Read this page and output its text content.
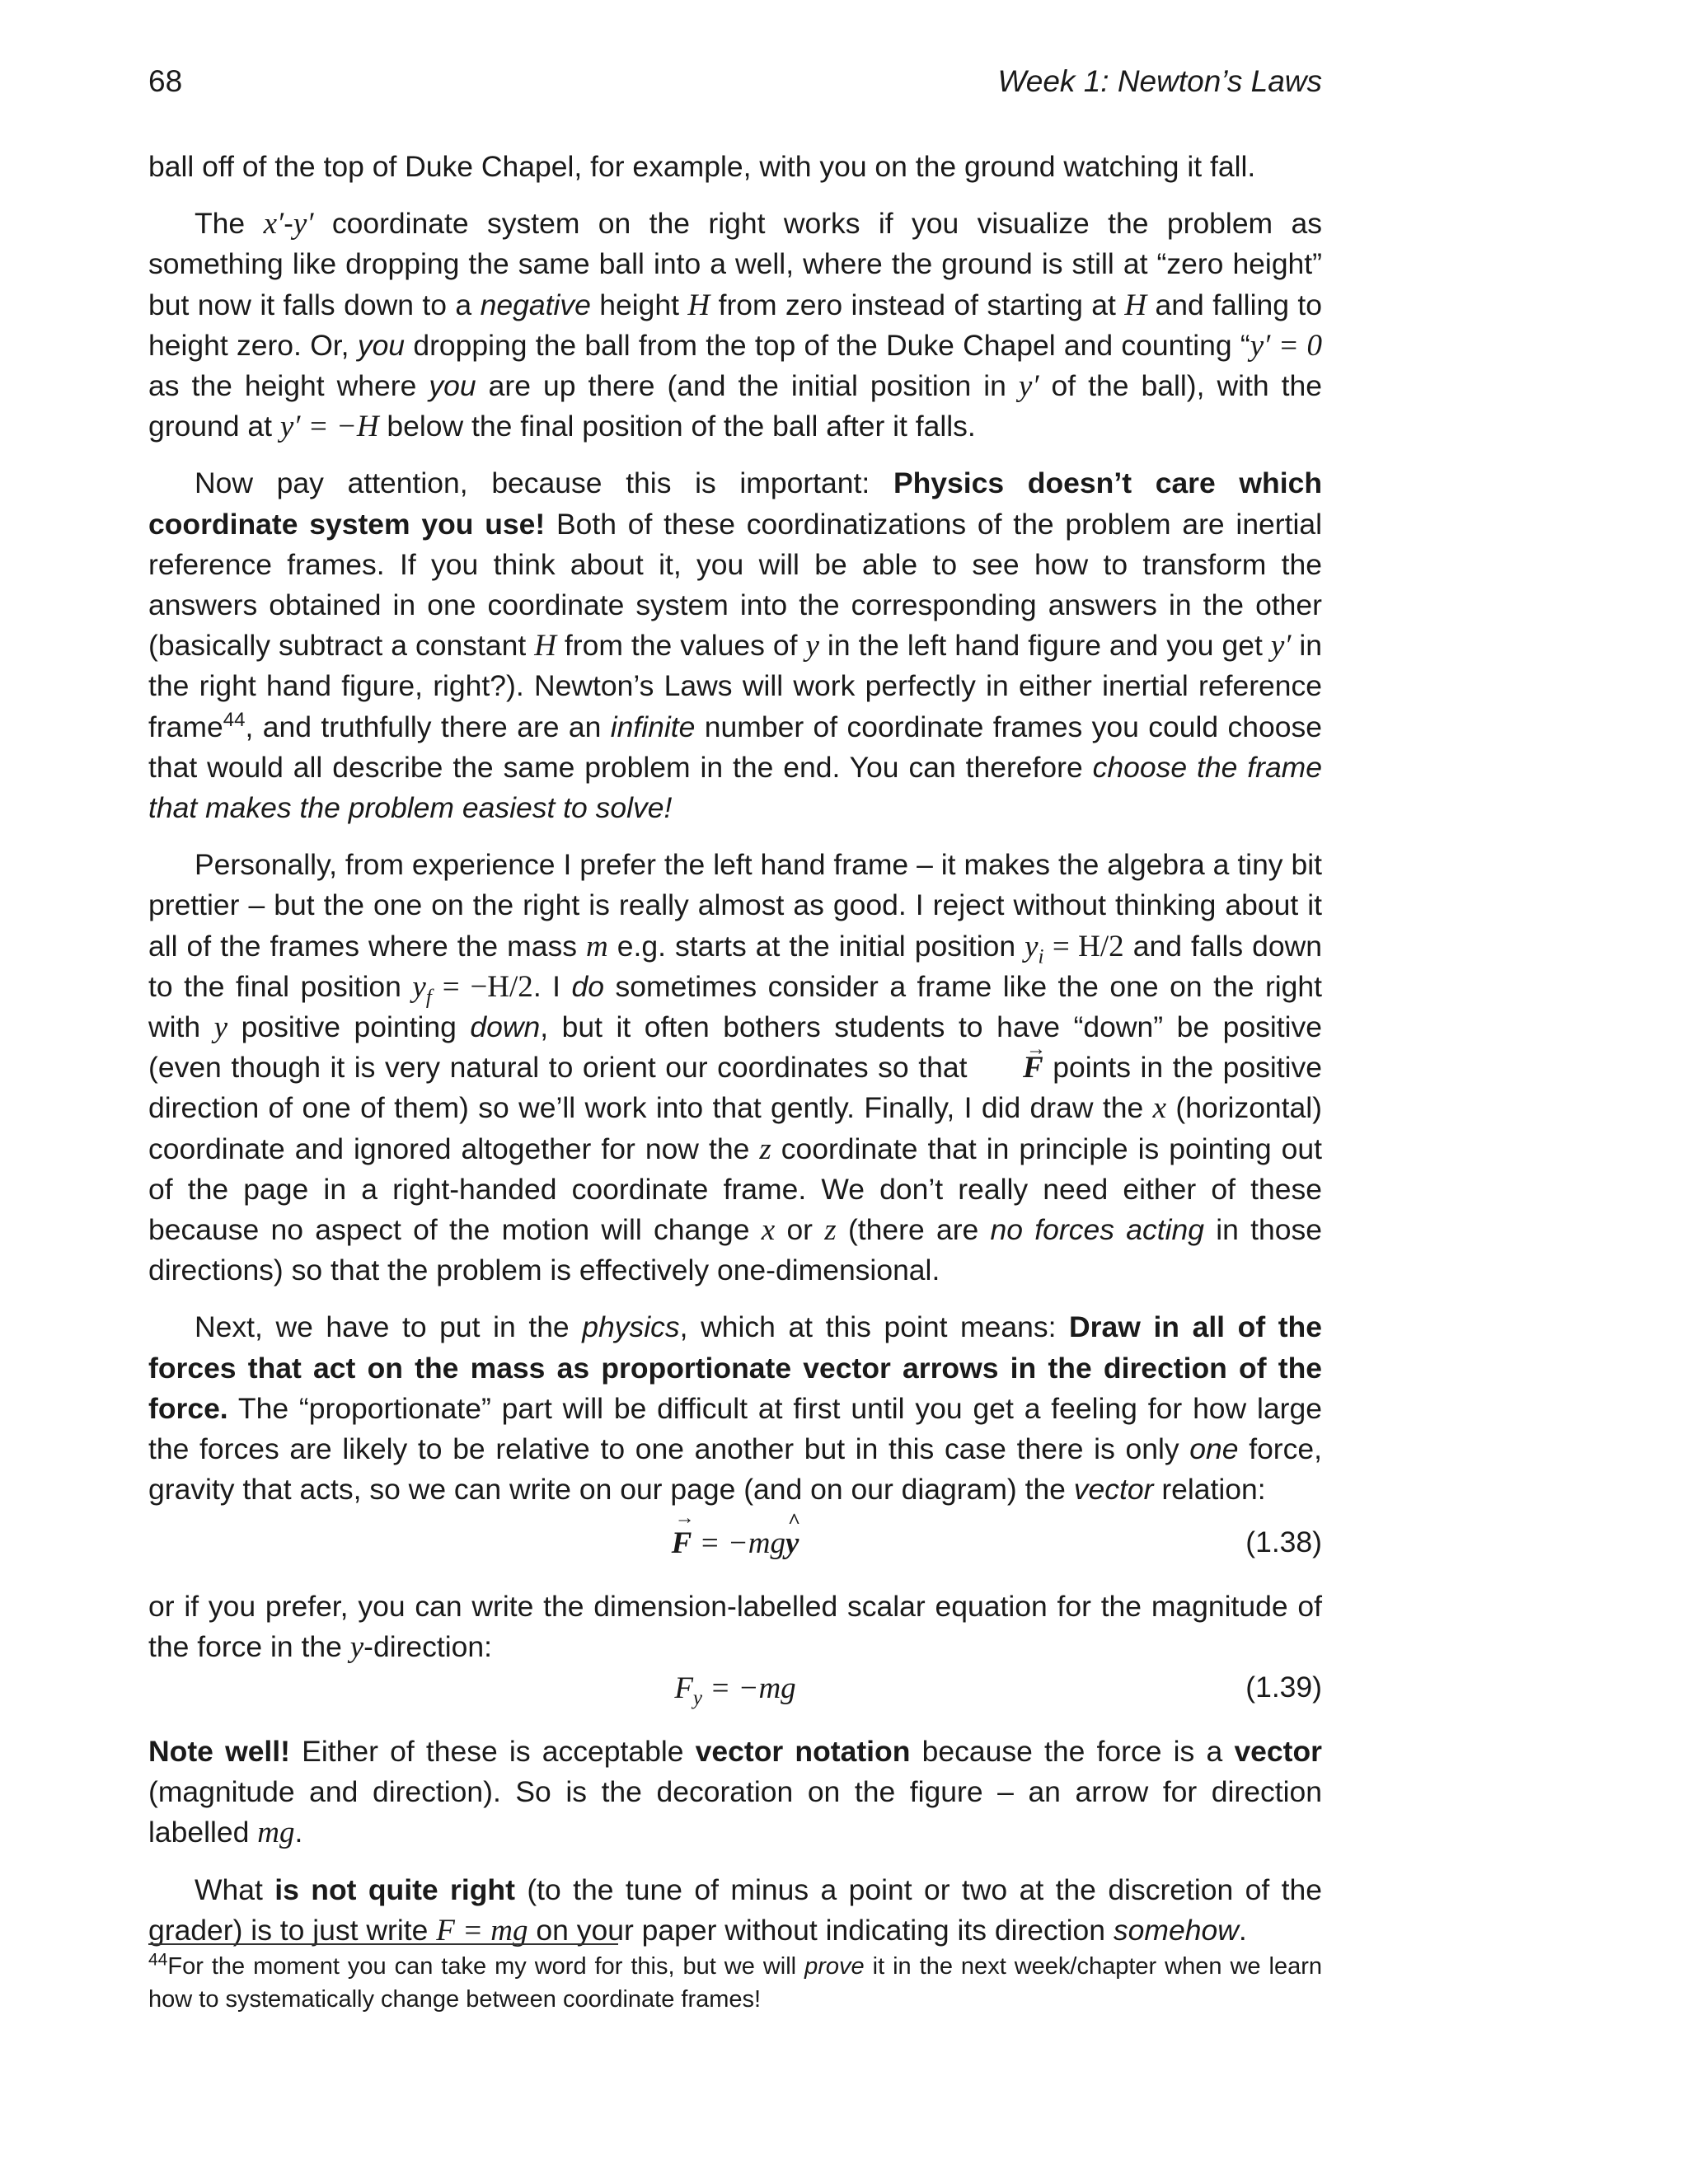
68	Week 1: Newton’s Laws

ball off of the top of Duke Chapel, for example, with you on the ground watching it fall.

The x′-y′ coordinate system on the right works if you visualize the problem as something like dropping the same ball into a well, where the ground is still at “zero height” but now it falls down to a negative height H from zero instead of starting at H and falling to height zero. Or, you dropping the ball from the top of the Duke Chapel and counting “y′ = 0 as the height where you are up there (and the initial position in y′ of the ball), with the ground at y′ = −H below the final position of the ball after it falls.

Now pay attention, because this is important: Physics doesn’t care which coordinate system you use! Both of these coordinatizations of the problem are inertial reference frames. If you think about it, you will be able to see how to transform the answers obtained in one coordinate system into the corresponding answers in the other (basically subtract a constant H from the values of y in the left hand figure and you get y′ in the right hand figure, right?). Newton’s Laws will work perfectly in either inertial reference frame$^{44}$, and truthfully there are an infinite number of coordinate frames you could choose that would all describe the same problem in the end. You can therefore choose the frame that makes the problem easiest to solve!

Personally, from experience I prefer the left hand frame – it makes the algebra a tiny bit prettier – but the one on the right is really almost as good. I reject without thinking about it all of the frames where the mass m e.g. starts at the initial position $y_i = H/2$ and falls down to the final position $y_f = -H/2$. I do sometimes consider a frame like the one on the right with y positive pointing down, but it often bothers students to have “down” be positive (even though it is very natural to orient our coordinates so that → F points in the positive direction of one of them) so we’ll work into that gently. Finally, I did draw the x (horizontal) coordinate and ignored altogether for now the z coordinate that in principle is pointing out of the page in a right-handed coordinate frame. We don’t really need either of these because no aspect of the motion will change x or z (there are no forces acting in those directions) so that the problem is effectively one-dimensional.

Next, we have to put in the physics, which at this point means: Draw in all of the forces that act on the mass as proportionate vector arrows in the direction of the force. The “proportionate” part will be difficult at first until you get a feeling for how large the forces are likely to be relative to one another but in this case there is only one force, gravity that acts, so we can write on our page (and on our diagram) the vector relation:

→ F = −mg^ y	(1.38)

or if you prefer, you can write the dimension-labelled scalar equation for the magnitude of the force in the y-direction:

$F_y = -mg$	(1.39)

Note well! Either of these is acceptable vector notation because the force is a vector (magnitude and direction). So is the decoration on the figure – an arrow for direction labelled mg.

What is not quite right (to the tune of minus a point or two at the discretion of the grader) is to just write F = mg on your paper without indicating its direction somehow.

$^{44}$For the moment you can take my word for this, but we will prove it in the next week/chapter when we learn how to systematically change between coordinate frames!
